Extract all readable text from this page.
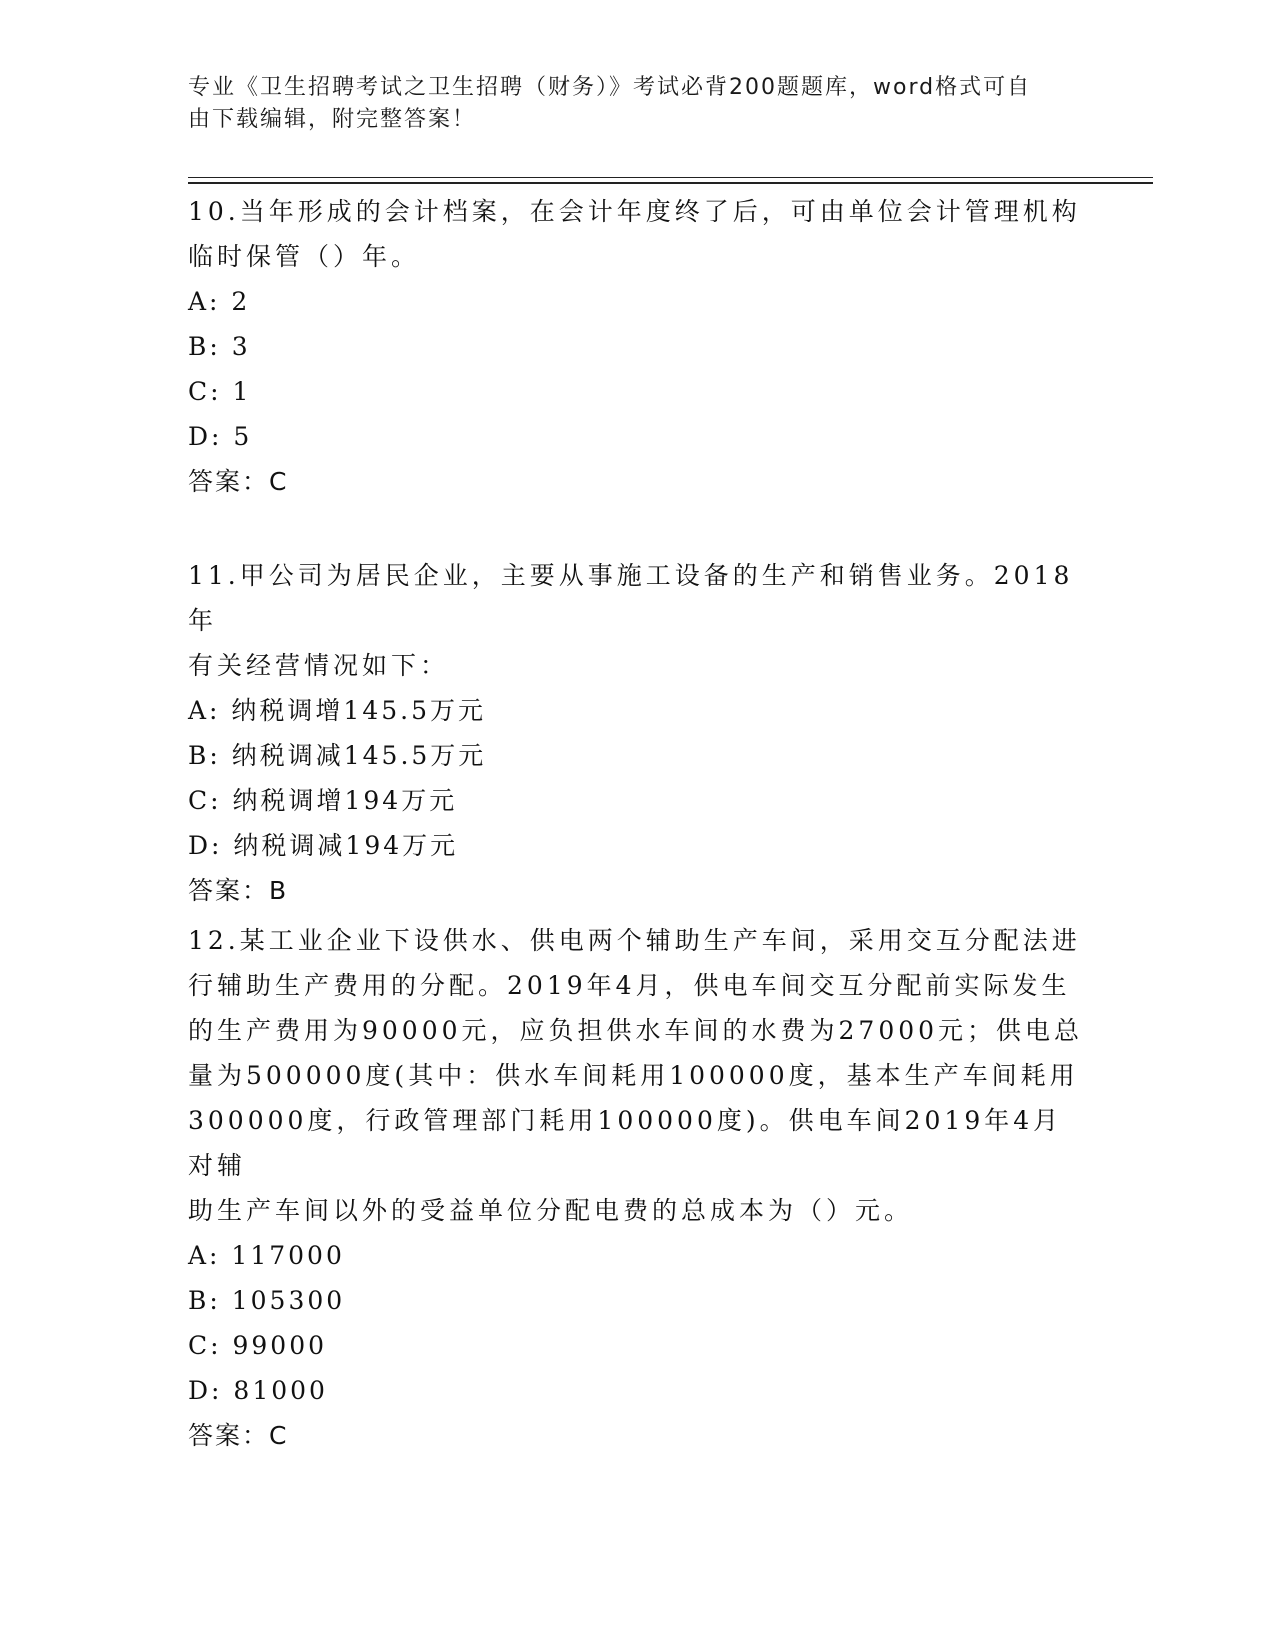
专业《卫生招聘考试之卫生招聘（财务）》考试必背200题题库，word格式可自
由下载编辑，附完整答案！
10.当年形成的会计档案，在会计年度终了后，可由单位会计管理机构
临时保管（）年。
A: 2
B: 3
C: 1
D: 5
答案：C
11.甲公司为居民企业，主要从事施工设备的生产和销售业务。2018年
有关经营情况如下：
A: 纳税调增145.5万元
B: 纳税调减145.5万元
C: 纳税调增194万元
D: 纳税调减194万元
答案：B
12.某工业企业下设供水、供电两个辅助生产车间，采用交互分配法进
行辅助生产费用的分配。2019年4月，供电车间交互分配前实际发生
的生产费用为90000元，应负担供水车间的水费为27000元；供电总
量为500000度(其中：供水车间耗用100000度，基本生产车间耗用
300000度，行政管理部门耗用100000度)。供电车间2019年4月对辅
助生产车间以外的受益单位分配电费的总成本为（）元。
A: 117000
B: 105300
C: 99000
D: 81000
答案：C
